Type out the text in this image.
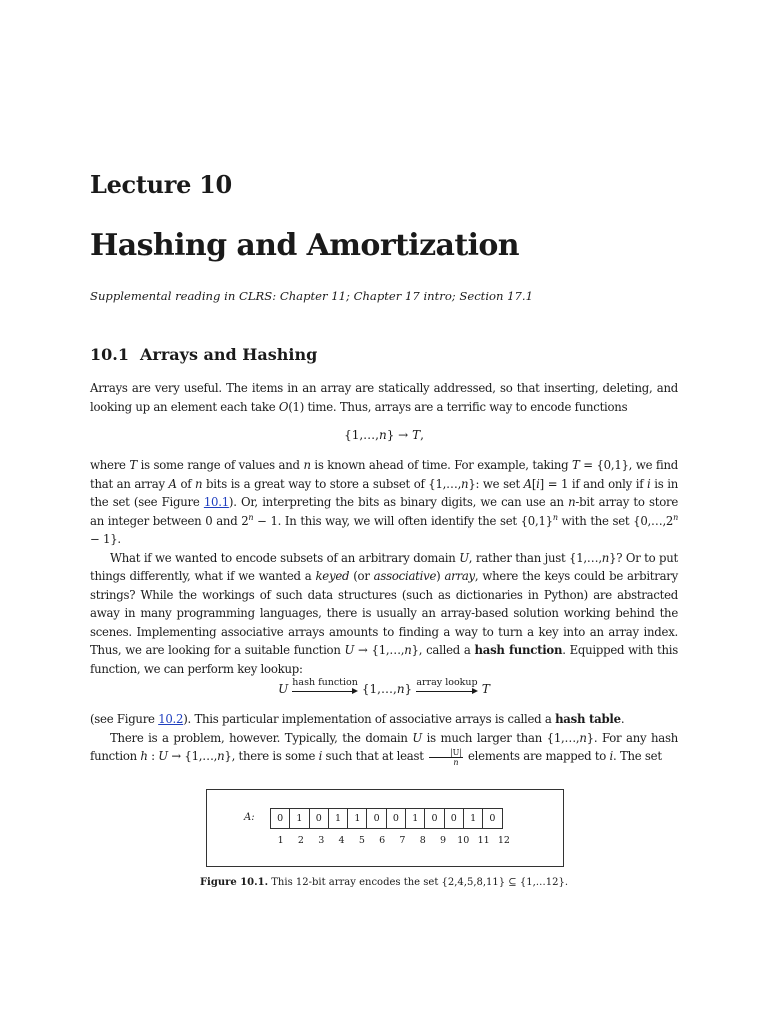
Lecture 10
Hashing and Amortization
Supplemental reading in CLRS: Chapter 11; Chapter 17 intro; Section 17.1
10.1 Arrays and Hashing

Arrays are very useful. The items in an array are statically addressed, so that inserting, deleting, and looking up an element each take O(1) time. Thus, arrays are a terrific way to encode functions

{1,…,n} → T,

where T is some range of values and n is known ahead of time. For example, taking T = {0,1}, we find that an array A of n bits is a great way to store a subset of {1,…,n}: we set A[i] = 1 if and only if i is in the set (see Figure 10.1). Or, interpreting the bits as binary digits, we can use an n-bit array to store an integer between 0 and $2^n - 1$. In this way, we will often identify the set $\{0,1\}^n$ with the set $\{0,\dots,2^n - 1\}$.

What if we wanted to encode subsets of an arbitrary domain U, rather than just {1,…,n}? Or to put things differently, what if we wanted a keyed (or associative) array, where the keys could be arbitrary strings? While the workings of such data structures (such as dictionaries in Python) are abstracted away in many programming languages, there is usually an array-based solution working behind the scenes. Implementing associative arrays amounts to finding a way to turn a key into an array index. Thus, we are looking for a suitable function U → {1,…,n}, called a hash function. Equipped with this function, we can perform key lookup:

U hash function {1,…,n} array lookup T

(see Figure 10.2). This particular implementation of associative arrays is called a hash table.

There is a problem, however. Typically, the domain U is much larger than {1,…,n}. For any hash function h : U → {1,…,n}, there is some i such that at least $\frac{|U|}{n}$ elements are mapped to i. The set

A:	0	1	0	1	1	0	0	1	0	0	1	0
1	2	3	4	5	6	7	8	9	10 11 12
Figure 10.1. This 12-bit array encodes the set {2,4,5,8,11} ⊆ {1,…12}.
